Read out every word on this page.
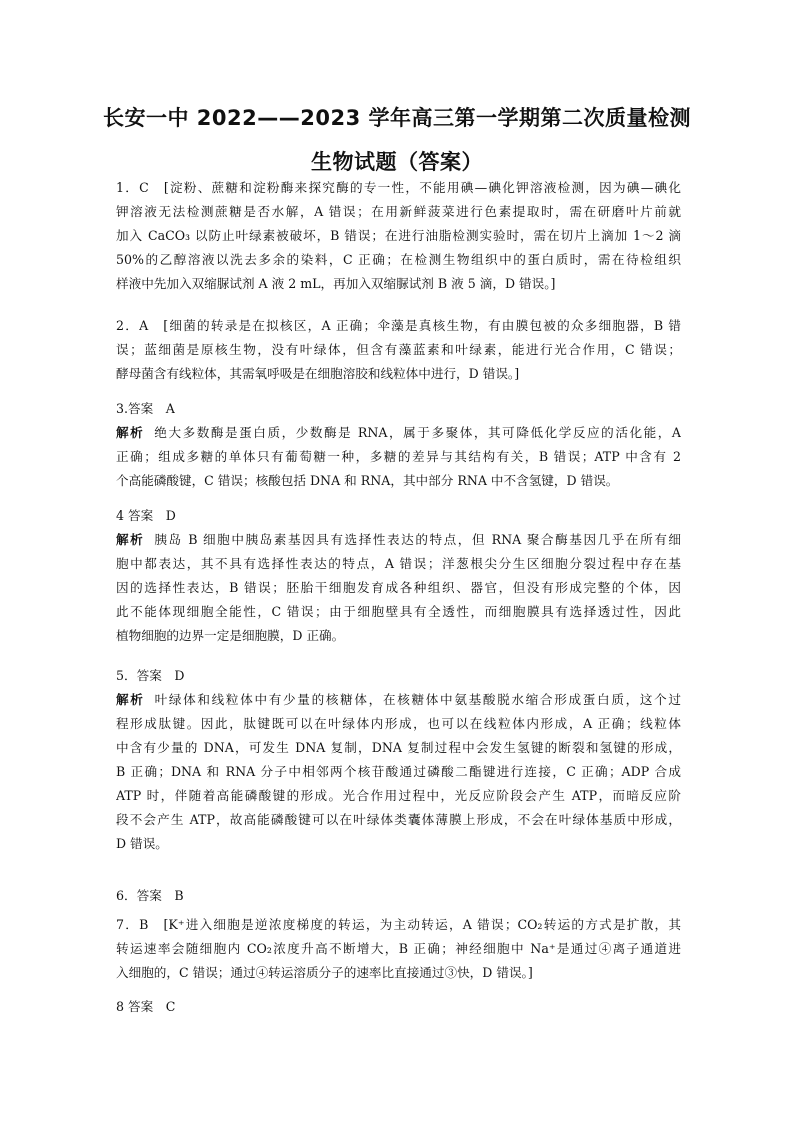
长安一中 2022——2023 学年高三第一学期第二次质量检测
生物试题（答案）
1．C　[淀粉、蔗糖和淀粉酶来探究酶的专一性，不能用碘—碘化钾溶液检测，因为碘—碘化
钾溶液无法检测蔗糖是否水解，A 错误；在用新鲜菠菜进行色素提取时，需在研磨叶片前就
加入 CaCO₃ 以防止叶绿素被破坏，B 错误；在进行油脂检测实验时，需在切片上滴加 1～2 滴
50%的乙醇溶液以洗去多余的染料，C 正确；在检测生物组织中的蛋白质时，需在待检组织
样液中先加入双缩脲试剂 A 液 2 mL，再加入双缩脲试剂 B 液 5 滴，D 错误。]
2．A　[细菌的转录是在拟核区，A 正确；伞藻是真核生物，有由膜包被的众多细胞器，B 错
误；蓝细菌是原核生物，没有叶绿体，但含有藻蓝素和叶绿素，能进行光合作用，C 错误；
酵母菌含有线粒体，其需氧呼吸是在细胞溶胶和线粒体中进行，D 错误。]
3.答案　A
解析 绝大多数酶是蛋白质，少数酶是 RNA，属于多聚体，其可降低化学反应的活化能，A
正确；组成多糖的单体只有葡萄糖一种，多糖的差异与其结构有关，B 错误；ATP 中含有 2
个高能磷酸键，C 错误；核酸包括 DNA 和 RNA，其中部分 RNA 中不含氢键，D 错误。
4 答案　D
解析 胰岛 B 细胞中胰岛素基因具有选择性表达的特点，但 RNA 聚合酶基因几乎在所有细
胞中都表达，其不具有选择性表达的特点，A 错误；洋葱根尖分生区细胞分裂过程中存在基
因的选择性表达，B 错误；胚胎干细胞发育成各种组织、器官，但没有形成完整的个体，因
此不能体现细胞全能性，C 错误；由于细胞壁具有全透性，而细胞膜具有选择透过性，因此
植物细胞的边界一定是细胞膜，D 正确。
5．答案　D
解析 叶绿体和线粒体中有少量的核糖体，在核糖体中氨基酸脱水缩合形成蛋白质，这个过
程形成肽键。因此，肽键既可以在叶绿体内形成，也可以在线粒体内形成，A 正确；线粒体
中含有少量的 DNA，可发生 DNA 复制，DNA 复制过程中会发生氢键的断裂和氢键的形成，
B 正确；DNA 和 RNA 分子中相邻两个核苷酸通过磷酸二酯键进行连接，C 正确；ADP 合成
ATP 时，伴随着高能磷酸键的形成。光合作用过程中，光反应阶段会产生 ATP，而暗反应阶
段不会产生 ATP，故高能磷酸键可以在叶绿体类囊体薄膜上形成，不会在叶绿体基质中形成，
D 错误。
6．答案　B
7．B　[K⁺进入细胞是逆浓度梯度的转运，为主动转运，A 错误；CO₂转运的方式是扩散，其
转运速率会随细胞内 CO₂浓度升高不断增大，B 正确；神经细胞中 Na⁺是通过④离子通道进
入细胞的，C 错误；通过④转运溶质分子的速率比直接通过③快，D 错误。]
8 答案　C
